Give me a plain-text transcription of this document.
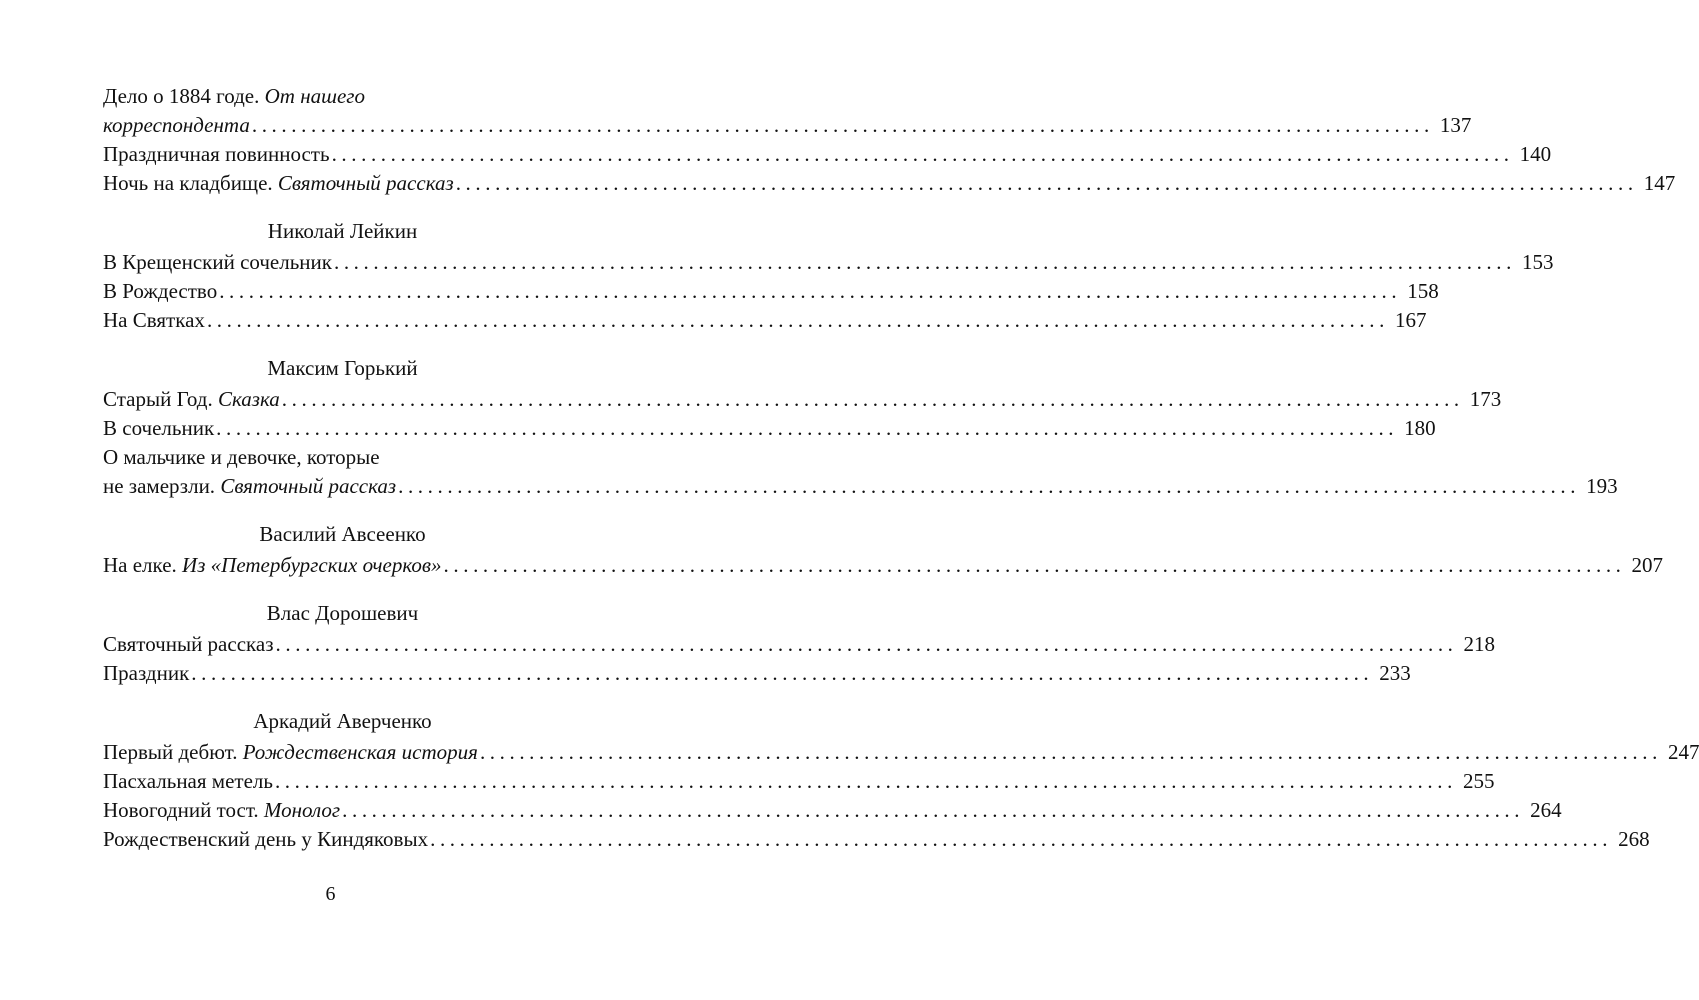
Дело о 1884 годе. От нашего
корреспондента ........................................................................................................................ 137
Праздничная повинность ........................................................................................................................ 140
Ночь на кладбище. Святочный рассказ ........................................................................................................................ 147
Николай Лейкин
В Крещенский сочельник ........................................................................................................................ 153
В Рождество ........................................................................................................................ 158
На Святках ........................................................................................................................ 167
Максим Горький
Старый Год. Сказка ........................................................................................................................ 173
В сочельник ........................................................................................................................ 180
О мальчике и девочке, которые
не замерзли. Святочный рассказ ........................................................................................................................ 193
Василий Авсеенко
На елке. Из «Петербургских очерков» ........................................................................................................................ 207
Влас Дорошевич
Святочный рассказ ........................................................................................................................ 218
Праздник ........................................................................................................................ 233
Аркадий Аверченко
Первый дебют. Рождественская история ........................................................................................................................ 247
Пасхальная метель ........................................................................................................................ 255
Новогодний тост. Монолог ........................................................................................................................ 264
Рождественский день у Киндяковых ........................................................................................................................ 268
6
